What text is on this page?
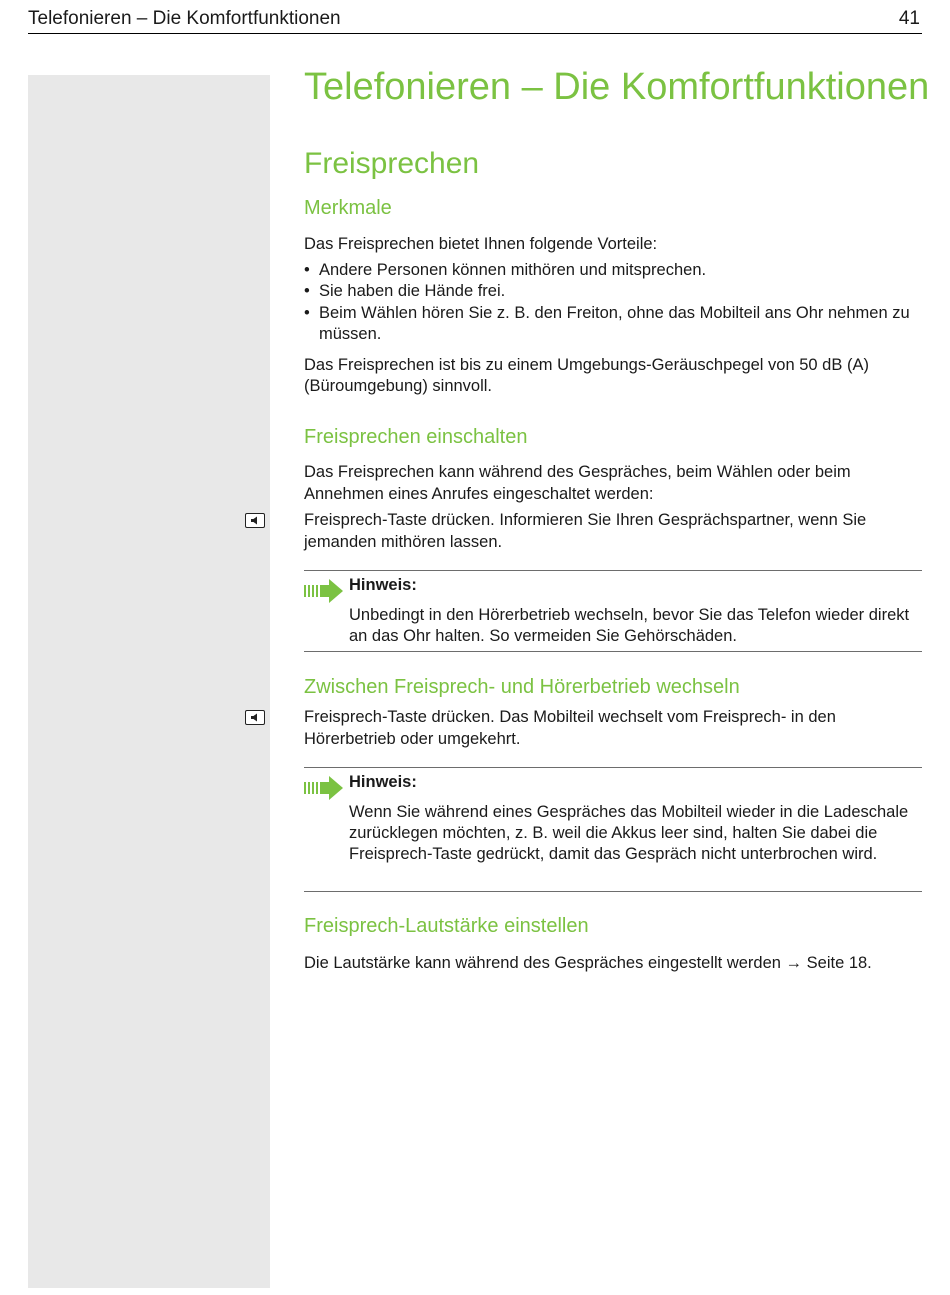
Telefonieren – Die Komfortfunktionen	41
Telefonieren – Die Komfortfunktionen
Freisprechen
Merkmale
Das Freisprechen bietet Ihnen folgende Vorteile:
• Andere Personen können mithören und mitsprechen.
• Sie haben die Hände frei.
• Beim Wählen hören Sie z. B. den Freiton, ohne das Mobilteil ans Ohr nehmen zu müssen.
Das Freisprechen ist bis zu einem Umgebungs-Geräuschpegel von 50 dB (A) (Büroumgebung) sinnvoll.
Freisprechen einschalten
Das Freisprechen kann während des Gespräches, beim Wählen oder beim Annehmen eines Anrufes eingeschaltet werden:
Freisprech-Taste drücken. Informieren Sie Ihren Gesprächspartner, wenn Sie jemanden mithören lassen.
Hinweis:
Unbedingt in den Hörerbetrieb wechseln, bevor Sie das Telefon wieder direkt an das Ohr halten. So vermeiden Sie Gehörschäden.
Zwischen Freisprech- und Hörerbetrieb wechseln
Freisprech-Taste drücken. Das Mobilteil wechselt vom Freisprech- in den Hörerbetrieb oder umgekehrt.
Hinweis:
Wenn Sie während eines Gespräches das Mobilteil wieder in die Ladeschale zurücklegen möchten, z. B. weil die Akkus leer sind, halten Sie dabei die Freisprech-Taste gedrückt, damit das Gespräch nicht unterbrochen wird.
Freisprech-Lautstärke einstellen
Die Lautstärke kann während des Gespräches eingestellt werden → Seite 18.
